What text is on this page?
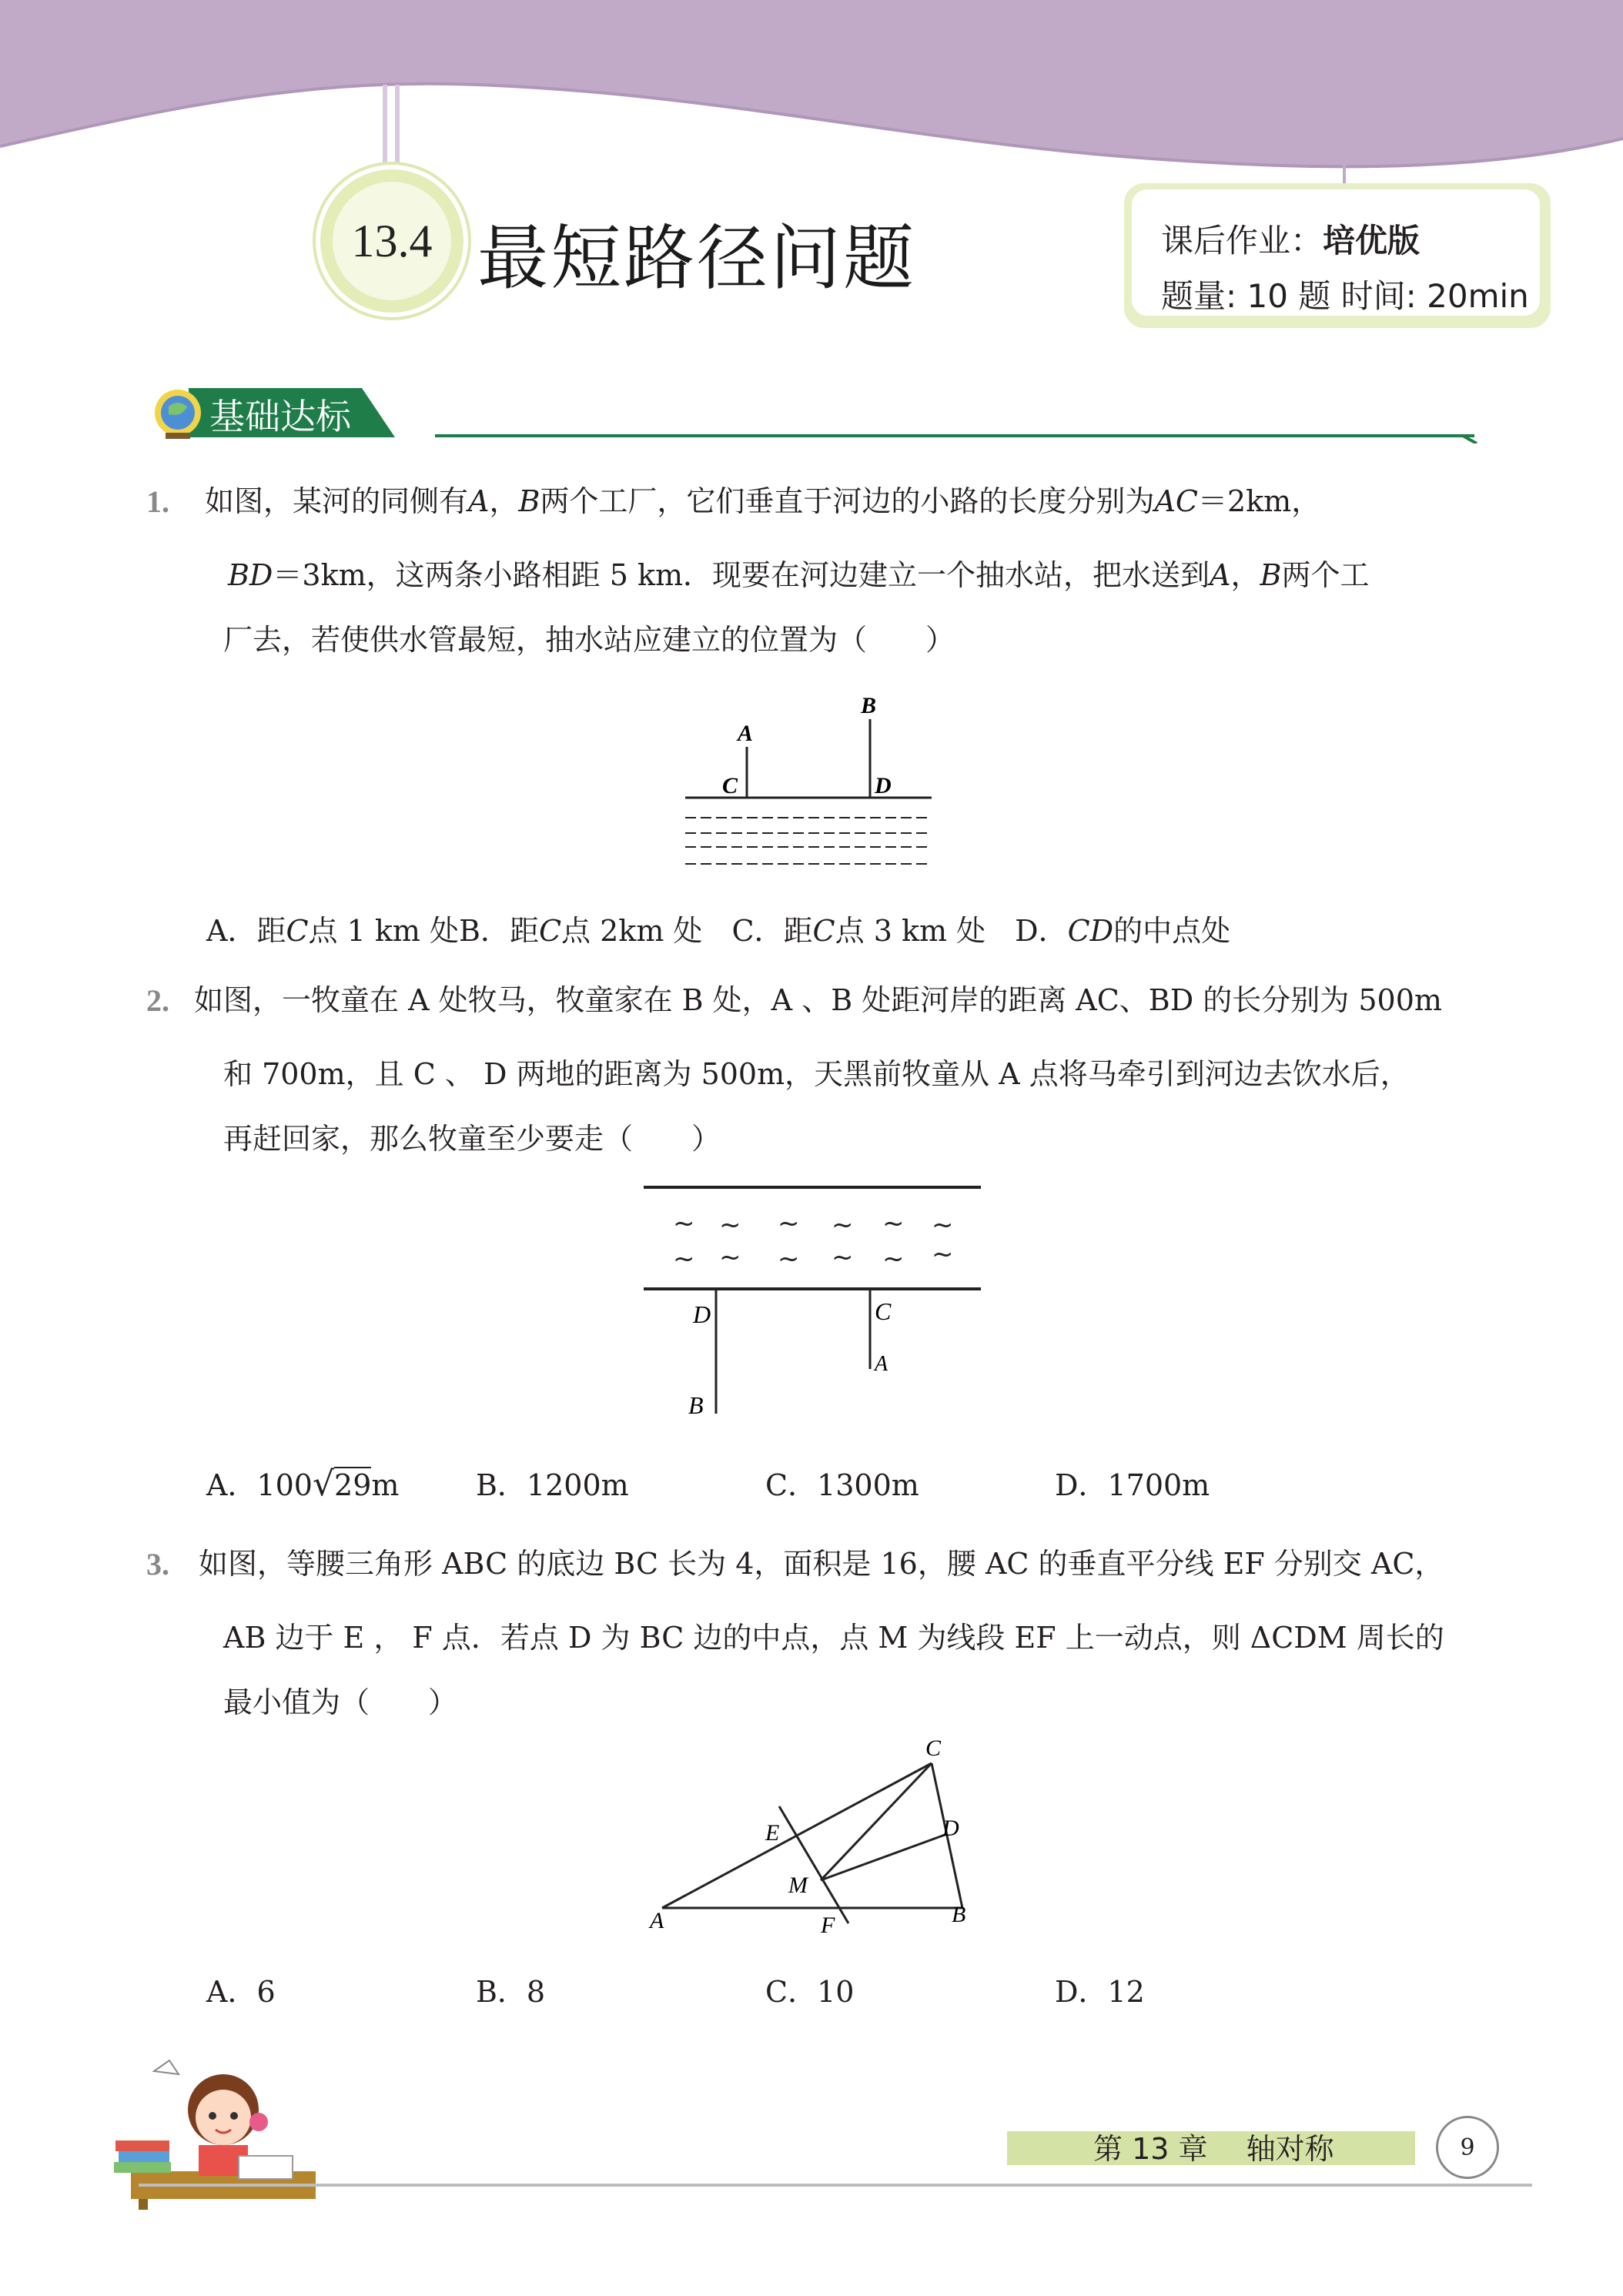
13.4 最短路径问题	课后作业：培优版
题量: 10 题 时间: 20min
基础达标
1. 如图，某河的同侧有A，B两个工厂，它们垂直于河边的小路的长度分别为AC＝2km，
BD＝3km，这两条小路相距 5 km．现要在河边建立一个抽水站，把水送到A，B两个工
厂去，若使供水管最短，抽水站应建立的位置为（　　）
A
B
C	D
A．距C点 1 km 处B．距C点 2km 处　 C．距C点 3 km 处　 D．CD的中点处
2. 如图，一牧童在 A 处牧马，牧童家在 B 处，A 、B 处距河岸的距离 AC、BD 的长分别为 500m
和 700m，且 C 、 D 两地的距离为 500m，天黑前牧童从 A 点将马牵引到河边去饮水后，
再赶回家，那么牧童至少要走（　　）
~ ~ ~ ~ ~ ~
~ ~ ~ ~ ~ ~
D	C
A
B
A．100√29m	B．1200m	C．1300m	D．1700m
3. 如图，等腰三角形 ABC 的底边 BC 长为 4，面积是 16，腰 AC 的垂直平分线 EF 分别交 AC，
AB 边于 E ， F 点．若点 D 为 BC 边的中点，点 M 为线段 EF 上一动点，则 ΔCDM 周长的
最小值为（　　）
A	B
C
D
E
F
M
A．6	B．8	C．10	D．12
第 13 章　 轴对称	9
